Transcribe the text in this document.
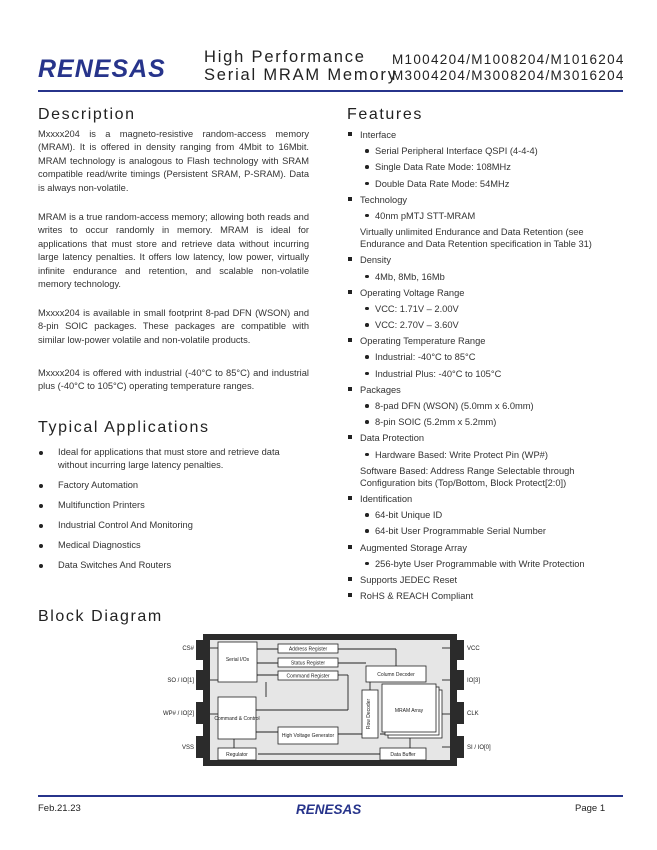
RENESAS High Performance
Serial MRAM Memory
M1004204/M1008204/M1016204
M3004204/M3008204/M3016204
Description
Mxxxx204 is a magneto-resistive random-access memory (MRAM). It is offered in density ranging from 4Mbit to 16Mbit. MRAM technology is analogous to Flash technology with SRAM compatible read/write timings (Persistent SRAM, P-SRAM). Data is always non-volatile.
MRAM is a true random-access memory; allowing both reads and writes to occur randomly in memory. MRAM is ideal for applications that must store and retrieve data without incurring large latency penalties. It offers low latency, low power, virtually infinite endurance and retention, and scalable non-volatile memory technology.
Mxxxx204 is available in small footprint 8-pad DFN (WSON) and 8-pin SOIC packages. These packages are compatible with similar low-power volatile and non-volatile products.
Mxxxx204 is offered with industrial (-40°C to 85°C) and industrial plus (-40°C to 105°C) operating temperature ranges.
Typical Applications
Ideal for applications that must store and retrieve data without incurring large latency penalties.
Factory Automation
Multifunction Printers
Industrial Control And Monitoring
Medical Diagnostics
Data Switches And Routers
Features
Interface
Serial Peripheral Interface QSPI (4-4-4)
Single Data Rate Mode: 108MHz
Double Data Rate Mode: 54MHz
Technology
40nm pMTJ STT-MRAM
Virtually unlimited Endurance and Data Retention (see Endurance and Data Retention specification in Table 31)
Density
4Mb, 8Mb, 16Mb
Operating Voltage Range
VCC: 1.71V – 2.00V
VCC: 2.70V – 3.60V
Operating Temperature Range
Industrial: -40°C to 85°C
Industrial Plus: -40°C to 105°C
Packages
8-pad DFN (WSON) (5.0mm x 6.0mm)
8-pin SOIC (5.2mm x 5.2mm)
Data Protection
Hardware Based: Write Protect Pin (WP#)
Software Based: Address Range Selectable through Configuration bits (Top/Bottom, Block Protect[2:0])
Identification
64-bit Unique ID
64-bit User Programmable Serial Number
Augmented Storage Array
256-byte User Programmable with Write Protection
Supports JEDEC Reset
RoHS & REACH Compliant
Block Diagram
CS#
SO / IO[1]
WP# / IO[2]
VSS
VCC
IO[3]
CLK
SI / IO[0]
Serial I/Os
Address Register
Status Register
Command Register	Column Decoder
MRAM Array
Command & Control
High Voltage Generator
Regulator	Data Buffer
Row Decoder
Feb.21.23	RENESAS	Page 1
